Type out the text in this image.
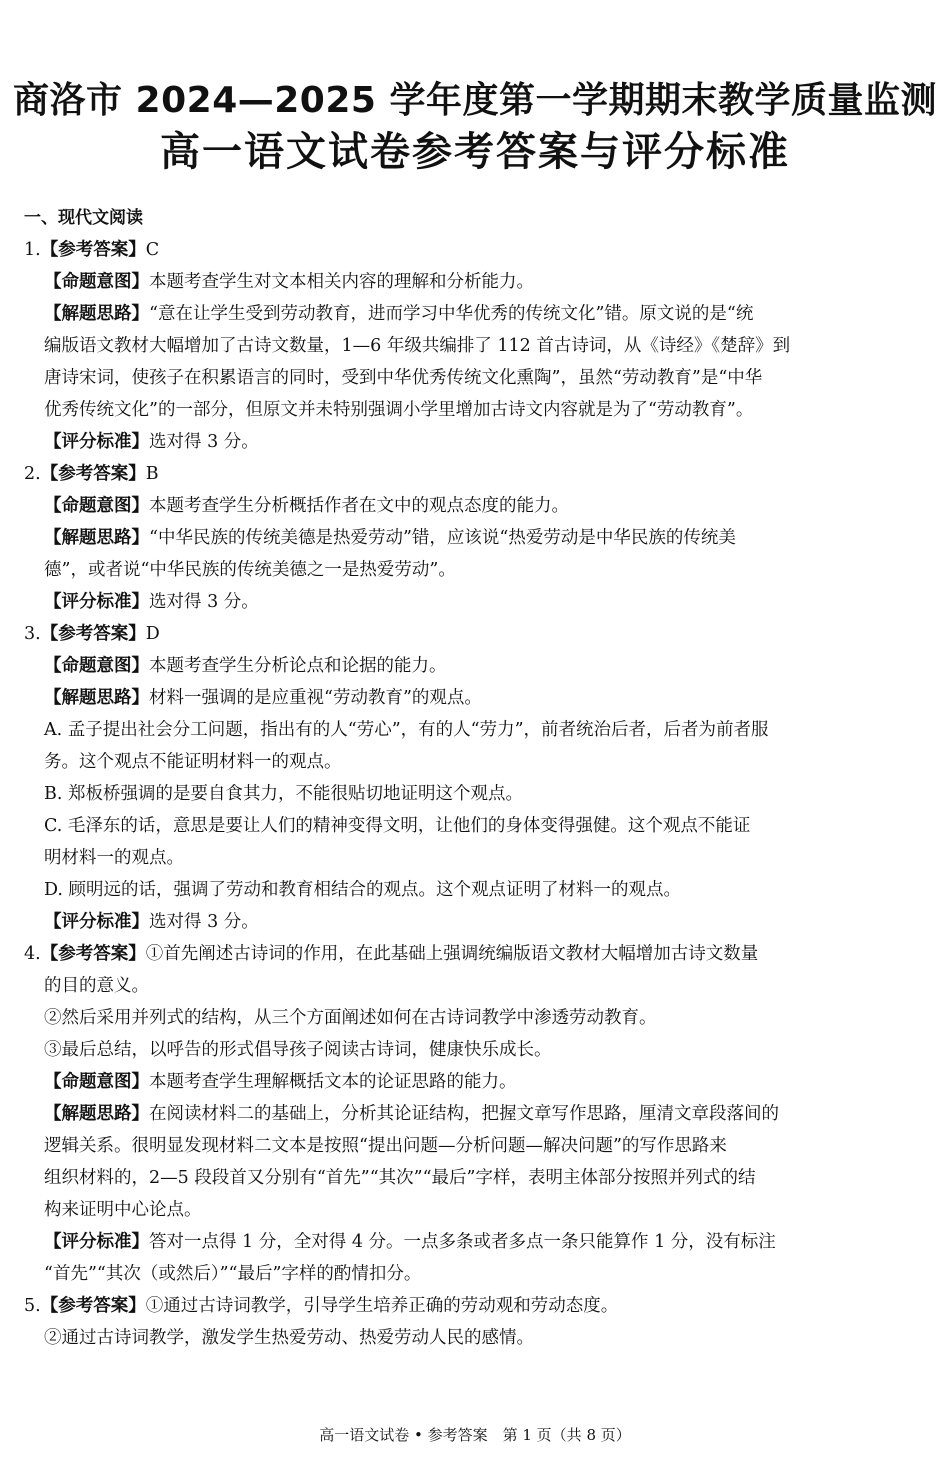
商洛市 2024—2025 学年度第一学期期末教学质量监测
高一语文试卷参考答案与评分标准
一、现代文阅读
1.【参考答案】C
【命题意图】本题考查学生对文本相关内容的理解和分析能力。
【解题思路】“意在让学生受到劳动教育，进而学习中华优秀的传统文化”错。原文说的是“统
编版语文教材大幅增加了古诗文数量，1—6 年级共编排了 112 首古诗词，从《诗经》《楚辞》到
唐诗宋词，使孩子在积累语言的同时，受到中华优秀传统文化熏陶”，虽然“劳动教育”是“中华
优秀传统文化”的一部分，但原文并未特别强调小学里增加古诗文内容就是为了“劳动教育”。
【评分标准】选对得 3 分。
2.【参考答案】B
【命题意图】本题考查学生分析概括作者在文中的观点态度的能力。
【解题思路】“中华民族的传统美德是热爱劳动”错，应该说“热爱劳动是中华民族的传统美
德”，或者说“中华民族的传统美德之一是热爱劳动”。
【评分标准】选对得 3 分。
3.【参考答案】D
【命题意图】本题考查学生分析论点和论据的能力。
【解题思路】材料一强调的是应重视“劳动教育”的观点。
A. 孟子提出社会分工问题，指出有的人“劳心”，有的人“劳力”，前者统治后者，后者为前者服
务。这个观点不能证明材料一的观点。
B. 郑板桥强调的是要自食其力，不能很贴切地证明这个观点。
C. 毛泽东的话，意思是要让人们的精神变得文明，让他们的身体变得强健。这个观点不能证
明材料一的观点。
D. 顾明远的话，强调了劳动和教育相结合的观点。这个观点证明了材料一的观点。
【评分标准】选对得 3 分。
4.【参考答案】①首先阐述古诗词的作用，在此基础上强调统编版语文教材大幅增加古诗文数量
的目的意义。
②然后采用并列式的结构，从三个方面阐述如何在古诗词教学中渗透劳动教育。
③最后总结，以呼告的形式倡导孩子阅读古诗词，健康快乐成长。
【命题意图】本题考查学生理解概括文本的论证思路的能力。
【解题思路】在阅读材料二的基础上，分析其论证结构，把握文章写作思路，厘清文章段落间的
逻辑关系。很明显发现材料二文本是按照“提出问题—分析问题—解决问题”的写作思路来
组织材料的，2—5 段段首又分别有“首先”“其次”“最后”字样，表明主体部分按照并列式的结
构来证明中心论点。
【评分标准】答对一点得 1 分，全对得 4 分。一点多条或者多点一条只能算作 1 分，没有标注
“首先”“其次（或然后）”“最后”字样的酌情扣分。
5.【参考答案】①通过古诗词教学，引导学生培养正确的劳动观和劳动态度。
②通过古诗词教学，激发学生热爱劳动、热爱劳动人民的感情。
高一语文试卷 • 参考答案　第 1 页（共 8 页）
